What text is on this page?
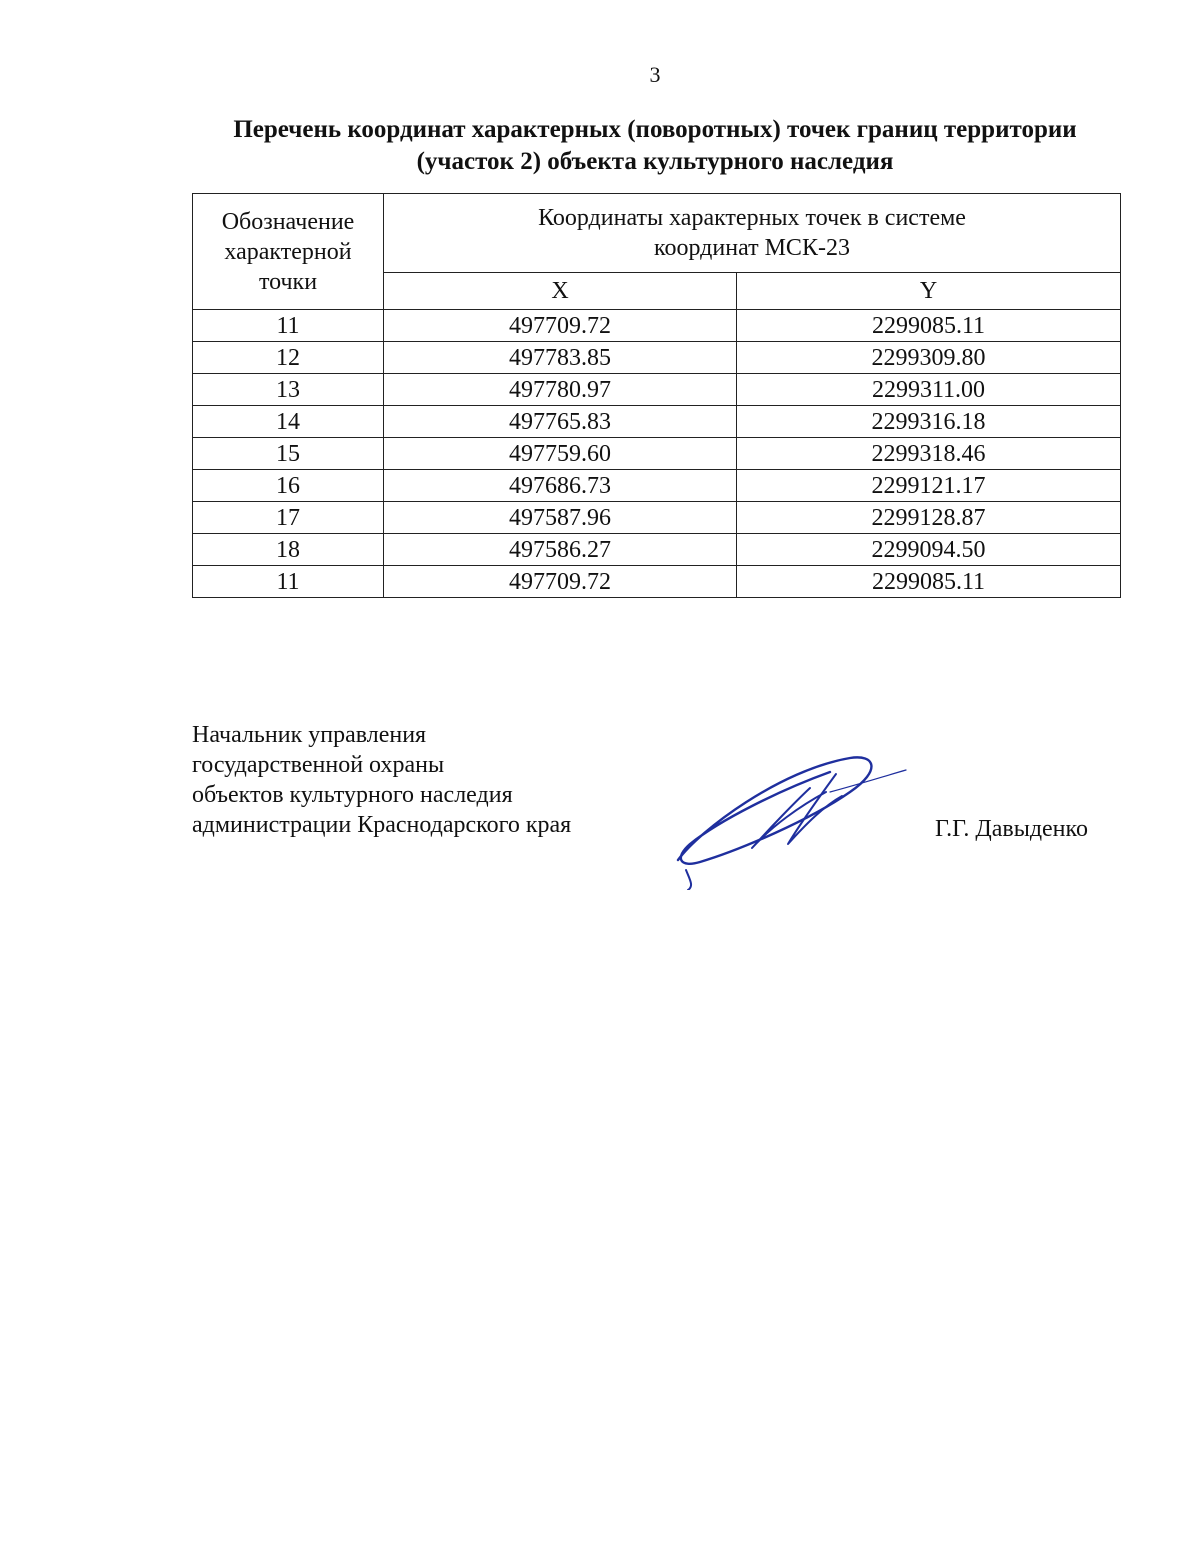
3
Перечень координат характерных (поворотных) точек границ территории
(участок 2) объекта культурного наследия
Обозначение
характерной
точки	Координаты характерных точек в системе
координат МСК-23	

	X	Y
11	497709.72	2299085.11
12	497783.85	2299309.80
13	497780.97	2299311.00
14	497765.83	2299316.18
15	497759.60	2299318.46
16	497686.73	2299121.17
17	497587.96	2299128.87
18	497586.27	2299094.50
11	497709.72	2299085.11
Начальник управления
государственной охраны
объектов культурного наследия
администрации Краснодарского края	Г.Г. Давыденко
